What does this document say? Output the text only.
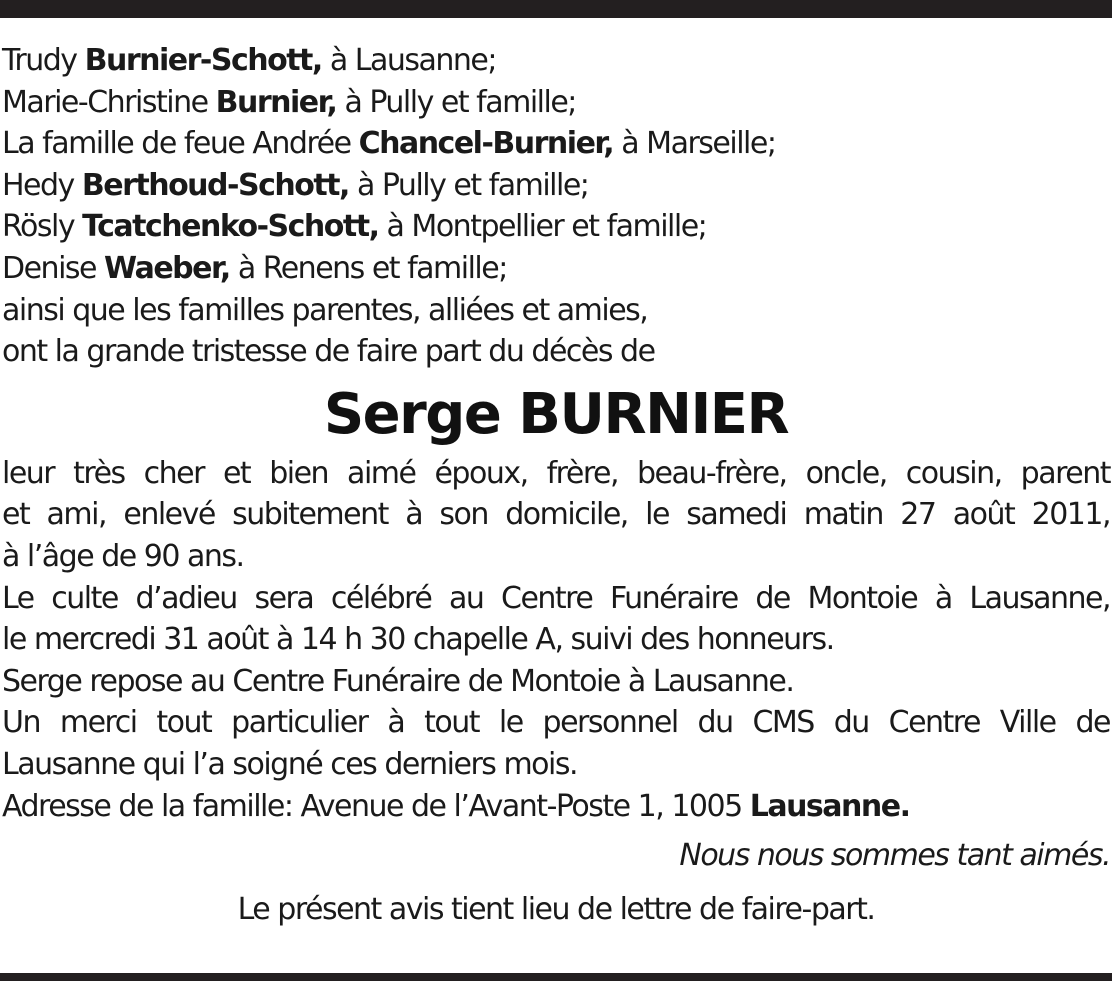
Trudy Burnier-Schott, à Lausanne;
Marie-Christine Burnier, à Pully et famille;
La famille de feue Andrée Chancel-Burnier, à Marseille;
Hedy Berthoud-Schott, à Pully et famille;
Rösly Tcatchenko-Schott, à Montpellier et famille;
Denise Waeber, à Renens et famille;
ainsi que les familles parentes, alliées et amies,
ont la grande tristesse de faire part du décès de
Serge BURNIER
leur très cher et bien aimé époux, frère, beau-frère, oncle, cousin, parent
et ami, enlevé subitement à son domicile, le samedi matin 27 août 2011,
à l’âge de 90 ans.
Le culte d’adieu sera célébré au Centre Funéraire de Montoie à Lausanne,
le mercredi 31 août à 14 h 30 chapelle A, suivi des honneurs.
Serge repose au Centre Funéraire de Montoie à Lausanne.
Un merci tout particulier à tout le personnel du CMS du Centre Ville de
Lausanne qui l’a soigné ces derniers mois.
Adresse de la famille: Avenue de l’Avant-Poste 1, 1005 Lausanne.
Nous nous sommes tant aimés.
Le présent avis tient lieu de lettre de faire-part.
